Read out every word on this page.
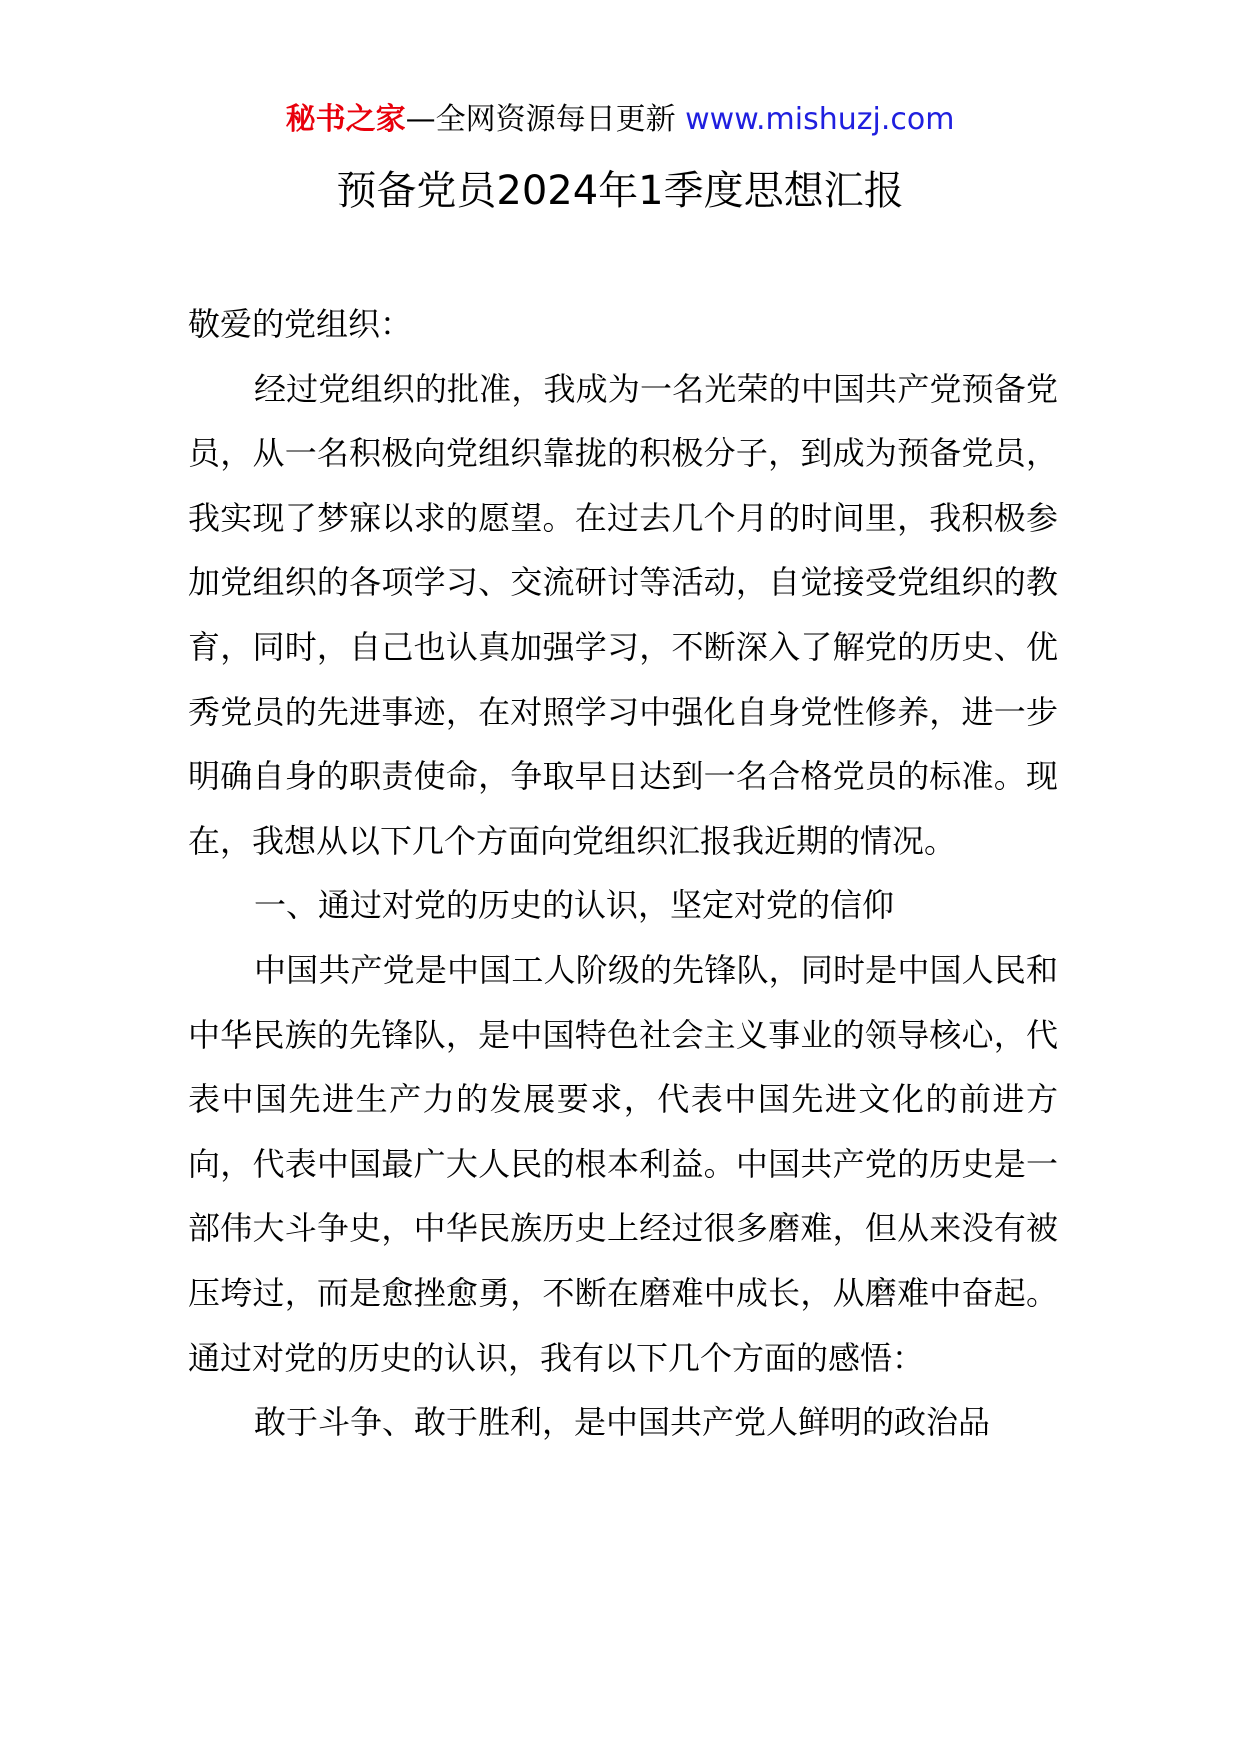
秘书之家—全网资源每日更新 www.mishuzj.com
预备党员2024年1季度思想汇报

敬爱的党组织：

经过党组织的批准，我成为一名光荣的中国共产党预备党员，从一名积极向党组织靠拢的积极分子，到成为预备党员，我实现了梦寐以求的愿望。在过去几个月的时间里，我积极参加党组织的各项学习、交流研讨等活动，自觉接受党组织的教育，同时，自己也认真加强学习，不断深入了解党的历史、优秀党员的先进事迹，在对照学习中强化自身党性修养，进一步明确自身的职责使命，争取早日达到一名合格党员的标准。现在，我想从以下几个方面向党组织汇报我近期的情况。

一、通过对党的历史的认识，坚定对党的信仰

中国共产党是中国工人阶级的先锋队，同时是中国人民和中华民族的先锋队，是中国特色社会主义事业的领导核心，代表中国先进生产力的发展要求，代表中国先进文化的前进方向，代表中国最广大人民的根本利益。中国共产党的历史是一部伟大斗争史，中华民族历史上经过很多磨难，但从来没有被压垮过，而是愈挫愈勇，不断在磨难中成长，从磨难中奋起。通过对党的历史的认识，我有以下几个方面的感悟：

敢于斗争、敢于胜利，是中国共产党人鲜明的政治品
